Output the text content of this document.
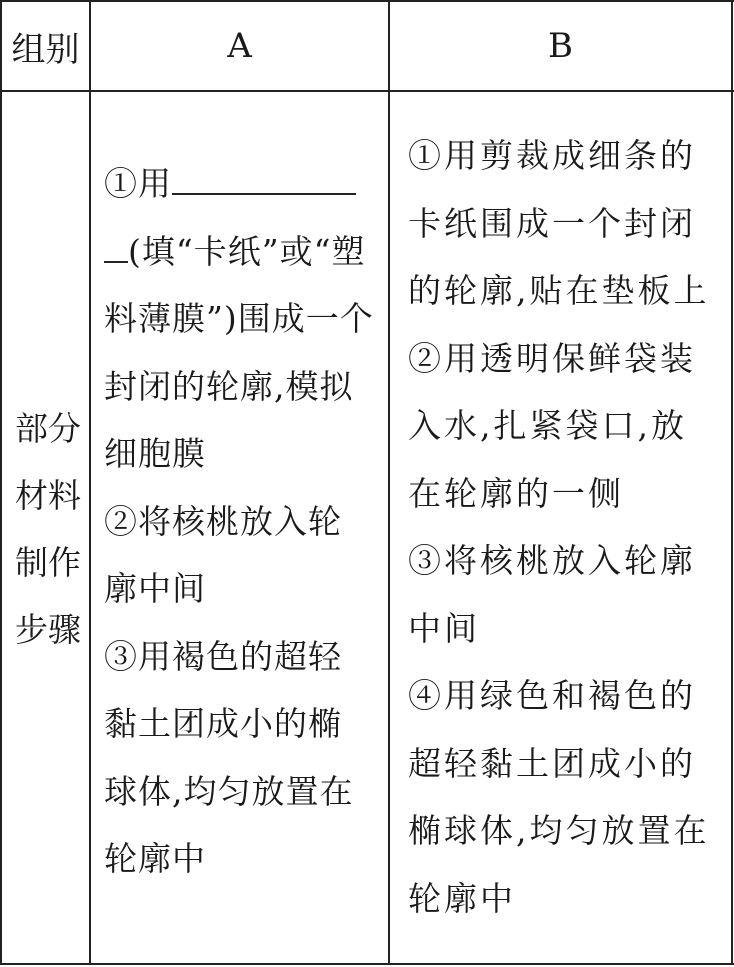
组别	A	B
部分
材料
制作
步骤
①用
(填“卡纸”或“塑料薄膜”)围成一个封闭的轮廓,模拟细胞膜
②将核桃放入轮廓中间
③用褐色的超轻黏土团成小的椭球体,均匀放置在轮廓中
①用剪裁成细条的卡纸围成一个封闭的轮廓,贴在垫板上
②用透明保鲜袋装入水,扎紧袋口,放在轮廓的一侧
③将核桃放入轮廓中间
④用绿色和褐色的超轻黏土团成小的椭球体,均匀放置在轮廓中
